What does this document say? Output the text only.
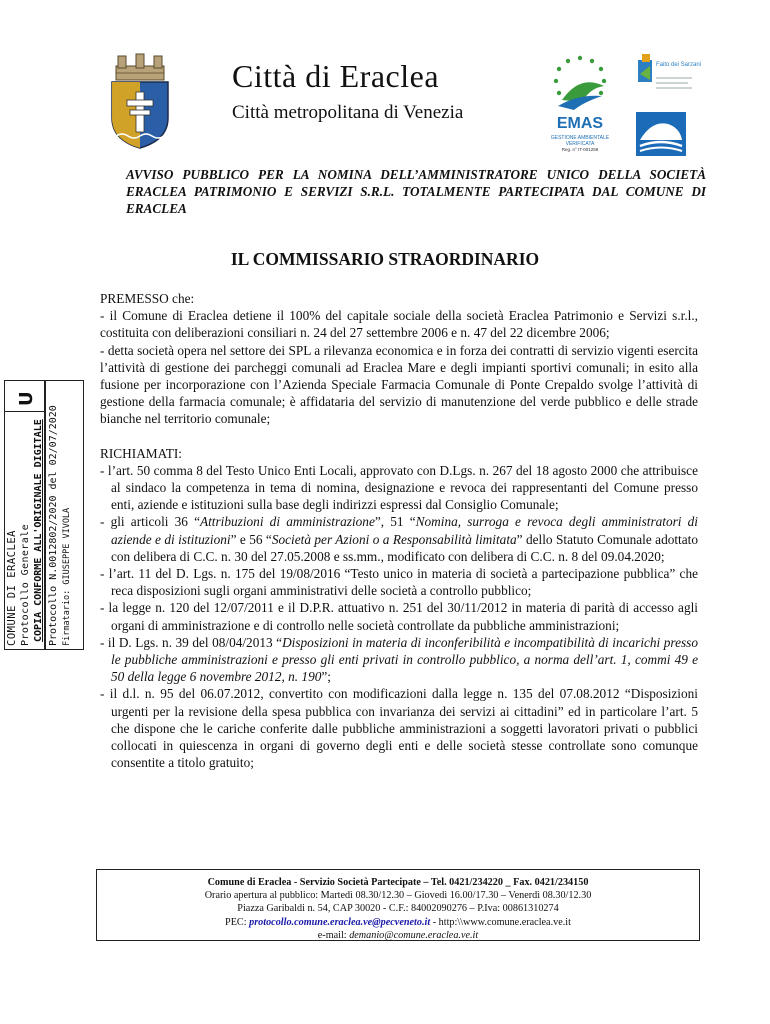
Città di Eraclea
Città metropolitana di Venezia
EMAS
GESTIONE AMBIENTALE
VERIFICATA
Reg. n° IT-001258
Faito dei Sarzani
AVVISO PUBBLICO PER LA NOMINA DELL’AMMINISTRATORE UNICO DELLA SOCIETÀ ERACLEA PATRIMONIO E SERVIZI S.R.L. TOTALMENTE PARTECIPATA DAL COMUNE DI ERACLEA
IL COMMISSARIO STRAORDINARIO
COMUNE DI ERACLEA Protocollo Generale COPIA CONFORME ALL'ORIGINALE DIGITALE Protocollo N.0012802/2020 del 02/07/2020 Firmatario: GIUSEPPE VIVOLA
U

PREMESSO che:

- il Comune di Eraclea detiene il 100% del capitale sociale della società Eraclea Patrimonio e Servizi s.r.l., costituita con deliberazioni consiliari n. 24 del 27 settembre 2006 e n. 47 del 22 dicembre 2006;

- detta società opera nel settore dei SPL a rilevanza economica e in forza dei contratti di servizio vigenti esercita l’attività di gestione dei parcheggi comunali ad Eraclea Mare e degli impianti sportivi comunali; in esito alla fusione per incorporazione con l’Azienda Speciale Farmacia Comunale di Ponte Crepaldo svolge l’attività di gestione della farmacia comunale; è affidataria del servizio di manutenzione del verde pubblico e delle strade bianche nel territorio comunale;

RICHIAMATI:

- l’art. 50 comma 8 del Testo Unico Enti Locali, approvato con D.Lgs. n. 267 del 18 agosto 2000 che attribuisce al sindaco la competenza in tema di nomina, designazione e revoca dei rappresentanti del Comune presso enti, aziende e istituzioni sulla base degli indirizzi espressi dal Consiglio Comunale;

- gli articoli 36 “Attribuzioni di amministrazione”, 51 “Nomina, surroga e revoca degli amministratori di aziende e di istituzioni” e 56 “Società per Azioni o a Responsabilità limitata” dello Statuto Comunale adottato con delibera di C.C. n. 30 del 27.05.2008 e ss.mm., modificato con delibera di C.C. n. 8 del 09.04.2020;

- l’art. 11 del D. Lgs. n. 175 del 19/08/2016 “Testo unico in materia di società a partecipazione pubblica” che reca disposizioni sugli organi amministrativi delle società a controllo pubblico;

- la legge n. 120 del 12/07/2011 e il D.P.R. attuativo n. 251 del 30/11/2012 in materia di parità di accesso agli organi di amministrazione e di controllo nelle società controllate da pubbliche amministrazioni;

- il D. Lgs. n. 39 del 08/04/2013 “Disposizioni in materia di inconferibilità e incompatibilità di incarichi presso le pubbliche amministrazioni e presso gli enti privati in controllo pubblico, a norma dell’art. 1, commi 49 e 50 della legge 6 novembre 2012, n. 190”;

- il d.l. n. 95 del 06.07.2012, convertito con modificazioni dalla legge n. 135 del 07.08.2012 “Disposizioni urgenti per la revisione della spesa pubblica con invarianza dei servizi ai cittadini” ed in particolare l’art. 5 che dispone che le cariche conferite dalle pubbliche amministrazioni a soggetti lavoratori privati o pubblici collocati in quiescenza in organi di governo degli enti e delle società stesse controllate sono comunque consentite a titolo gratuito;

Comune di Eraclea - Servizio Società Partecipate – Tel. 0421/234220 _ Fax. 0421/234150
Orario apertura al pubblico: Martedì 08.30/12.30 – Giovedì 16.00/17.30 – Venerdì 08.30/12.30
Piazza Garibaldi n. 54, CAP 30020 - C.F.: 84002090276 – P.Iva: 00861310274
PEC: protocollo.comune.eraclea.ve@pecveneto.it - http:\\www.comune.eraclea.ve.it
e-mail: demanio@comune.eraclea.ve.it
